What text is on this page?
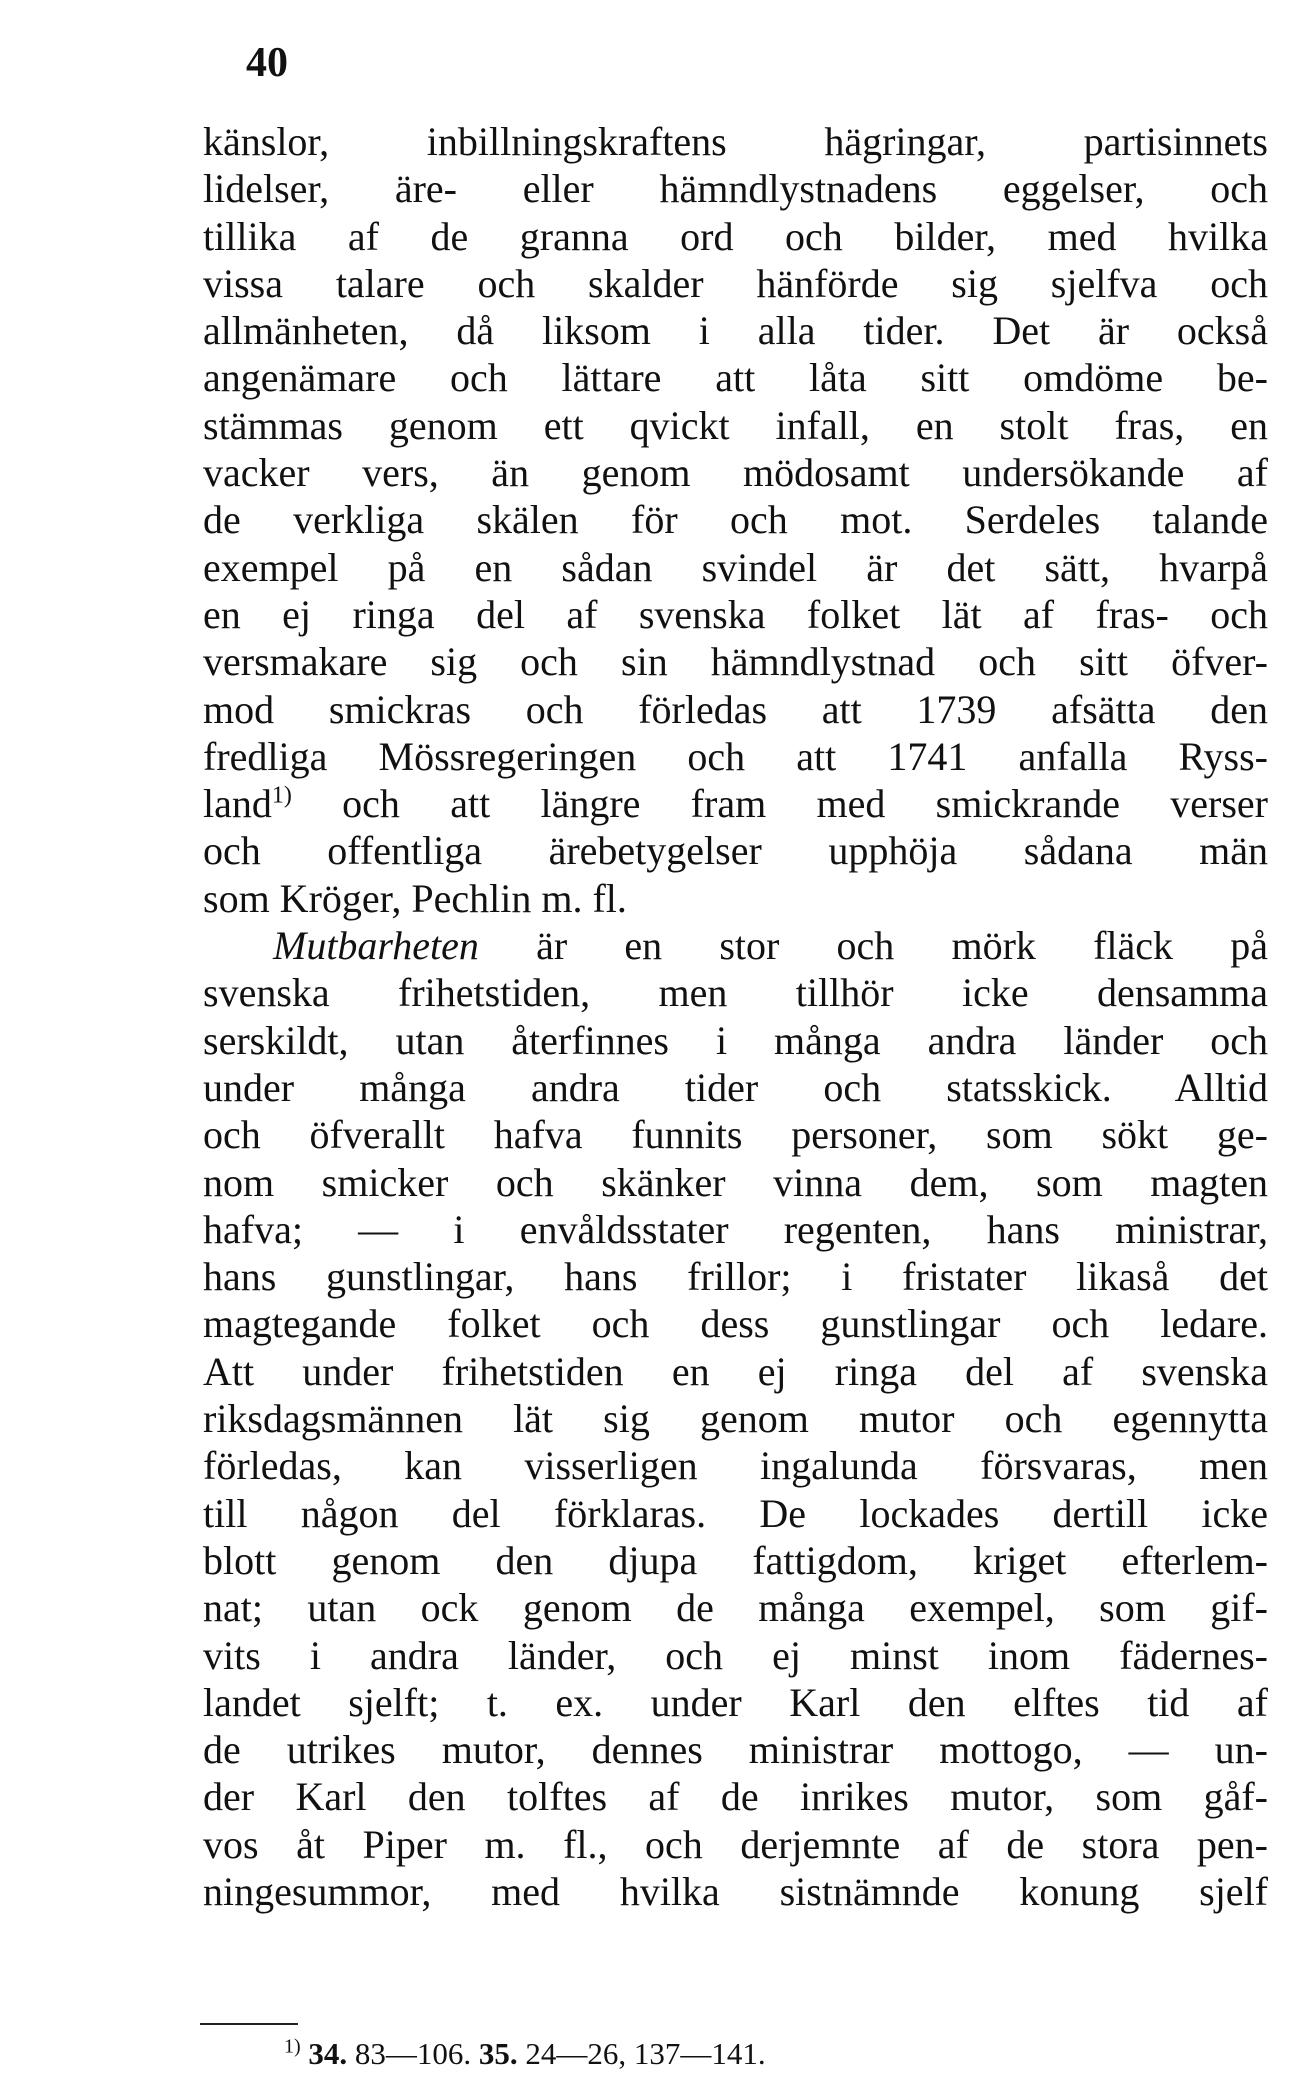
40
känslor, inbillningskraftens hägringar, partisinnets
lidelser, äre- eller hämndlystnadens eggelser, och
tillika af de granna ord och bilder, med hvilka
vissa talare och skalder hänförde sig sjelfva och
allmänheten, då liksom i alla tider. Det är också
angenämare och lättare att låta sitt omdöme be-
stämmas genom ett qvickt infall, en stolt fras, en
vacker vers, än genom mödosamt undersökande af
de verkliga skälen för och mot. Serdeles talande
exempel på en sådan svindel är det sätt, hvarpå
en ej ringa del af svenska folket lät af fras- och
versmakare sig och sin hämndlystnad och sitt öfver-
mod smickras och förledas att 1739 afsätta den
fredliga Mössregeringen och att 1741 anfalla Ryss-
land$^{1)}$ och att längre fram med smickrande verser
och offentliga ärebetygelser upphöja sådana män
som Kröger, Pechlin m. fl.
Mutbarheten är en stor och mörk fläck på
svenska frihetstiden, men tillhör icke densamma
serskildt, utan återfinnes i många andra länder och
under många andra tider och statsskick. Alltid
och öfverallt hafva funnits personer, som sökt ge-
nom smicker och skänker vinna dem, som magten
hafva; — i envåldsstater regenten, hans ministrar,
hans gunstlingar, hans frillor; i fristater likaså det
magtegande folket och dess gunstlingar och ledare.
Att under frihetstiden en ej ringa del af svenska
riksdagsmännen lät sig genom mutor och egennytta
förledas, kan visserligen ingalunda försvaras, men
till någon del förklaras. De lockades dertill icke
blott genom den djupa fattigdom, kriget efterlem-
nat; utan ock genom de många exempel, som gif-
vits i andra länder, och ej minst inom fädernes-
landet sjelft; t. ex. under Karl den elftes tid af
de utrikes mutor, dennes ministrar mottogo, — un-
der Karl den tolftes af de inrikes mutor, som gåf-
vos åt Piper m. fl., och derjemnte af de stora pen-
ningesummor, med hvilka sistnämnde konung sjelf
$^{1)}$ 34. 83—106. 35. 24—26, 137—141.
